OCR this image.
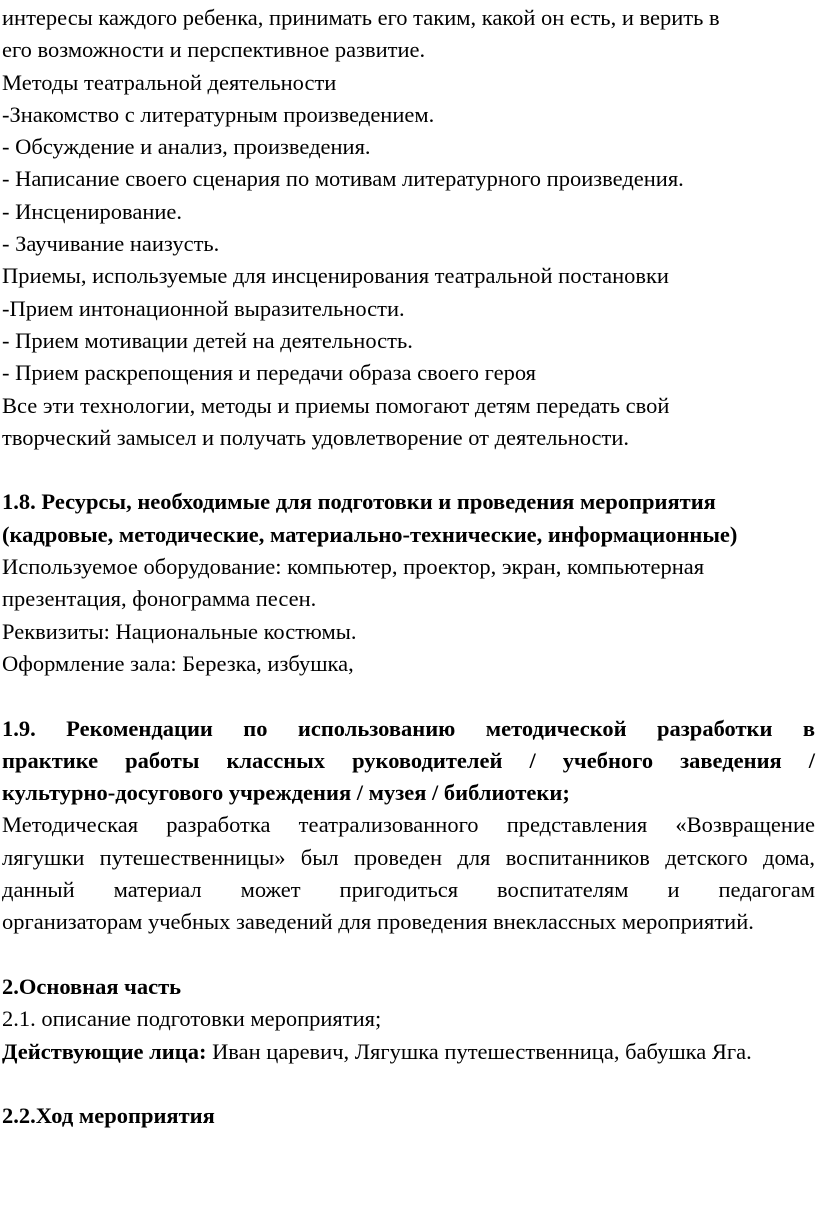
интересы каждого ребенка, принимать его таким, какой он есть, и верить в
его возможности и перспективное развитие.
Методы театральной деятельности
-Знакомство с литературным произведением.
- Обсуждение и анализ, произведения.
- Написание своего сценария по мотивам литературного произведения.
- Инсценирование.
- Заучивание наизусть.
Приемы, используемые для инсценирования театральной постановки
-Прием интонационной выразительности.
- Прием мотивации детей на деятельность.
- Прием раскрепощения и передачи образа своего героя
Все эти технологии, методы и приемы помогают детям передать свой
творческий замысел и получать удовлетворение от деятельности.
1.8. Ресурсы, необходимые для подготовки и проведения мероприятия
(кадровые, методические, материально-технические, информационные)
Используемое оборудование: компьютер, проектор, экран, компьютерная
презентация, фонограмма песен.
Реквизиты: Национальные костюмы.
Оформление зала: Березка, избушка,
1.9. Рекомендации по использованию методической разработки в
практике работы классных руководителей / учебного заведения /
культурно-досугового учреждения / музея / библиотеки;
Методическая разработка театрализованного представления «Возвращение
лягушки путешественницы» был проведен для воспитанников детского дома,
данный материал может пригодиться воспитателям и педагогам
организаторам учебных заведений для проведения внеклассных мероприятий.
2.Основная часть
2.1. описание подготовки мероприятия;
Действующие лица: Иван царевич, Лягушка путешественница, бабушка Яга.
2.2.Ход мероприятия
